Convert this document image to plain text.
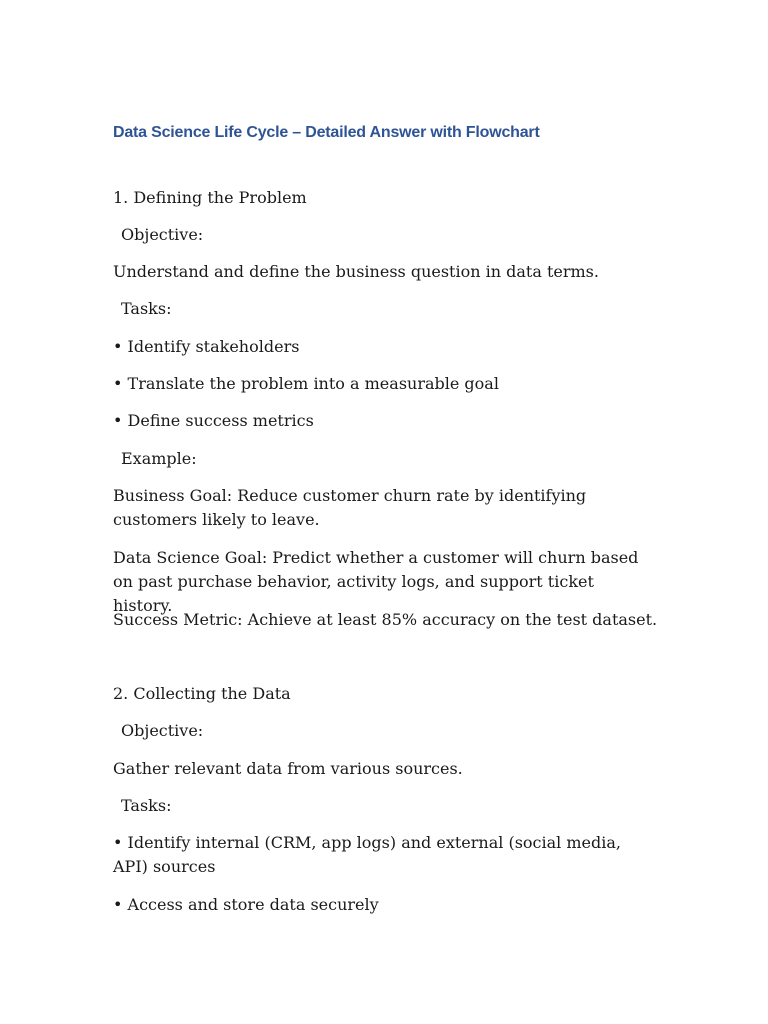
Data Science Life Cycle – Detailed Answer with Flowchart

1. Defining the Problem

Objective:

Understand and define the business question in data terms.

Tasks:

• Identify stakeholders

• Translate the problem into a measurable goal

• Define success metrics

Example:

Business Goal: Reduce customer churn rate by identifying customers likely to leave.

Data Science Goal: Predict whether a customer will churn based on past purchase behavior, activity logs, and support ticket history.

Success Metric: Achieve at least 85% accuracy on the test dataset.

2. Collecting the Data

Objective:

Gather relevant data from various sources.

Tasks:

• Identify internal (CRM, app logs) and external (social media, API) sources

• Access and store data securely
